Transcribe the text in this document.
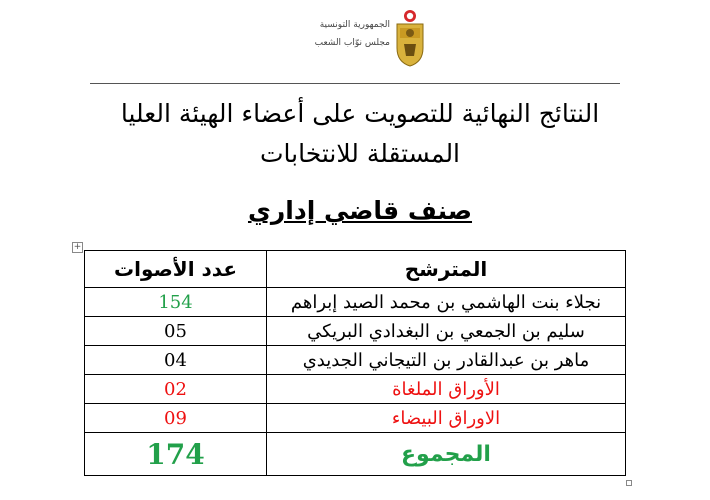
الجمهورية التونسية
مجلس نوّاب الشعب
النتائج النهائية للتصويت على أعضاء الهيئة العليا
المستقلة للانتخابات
صنف قاضي إداري
+
المترشح	عدد الأصوات
نجلاء بنت الهاشمي بن محمد الصيد إبراهم	154
سليم بن الجمعي بن البغدادي البريكي	05
ماهر بن عبدالقادر بن التيجاني الجديدي	04
الأوراق الملغاة	02
الاوراق البيضاء	09
المجموع	174
